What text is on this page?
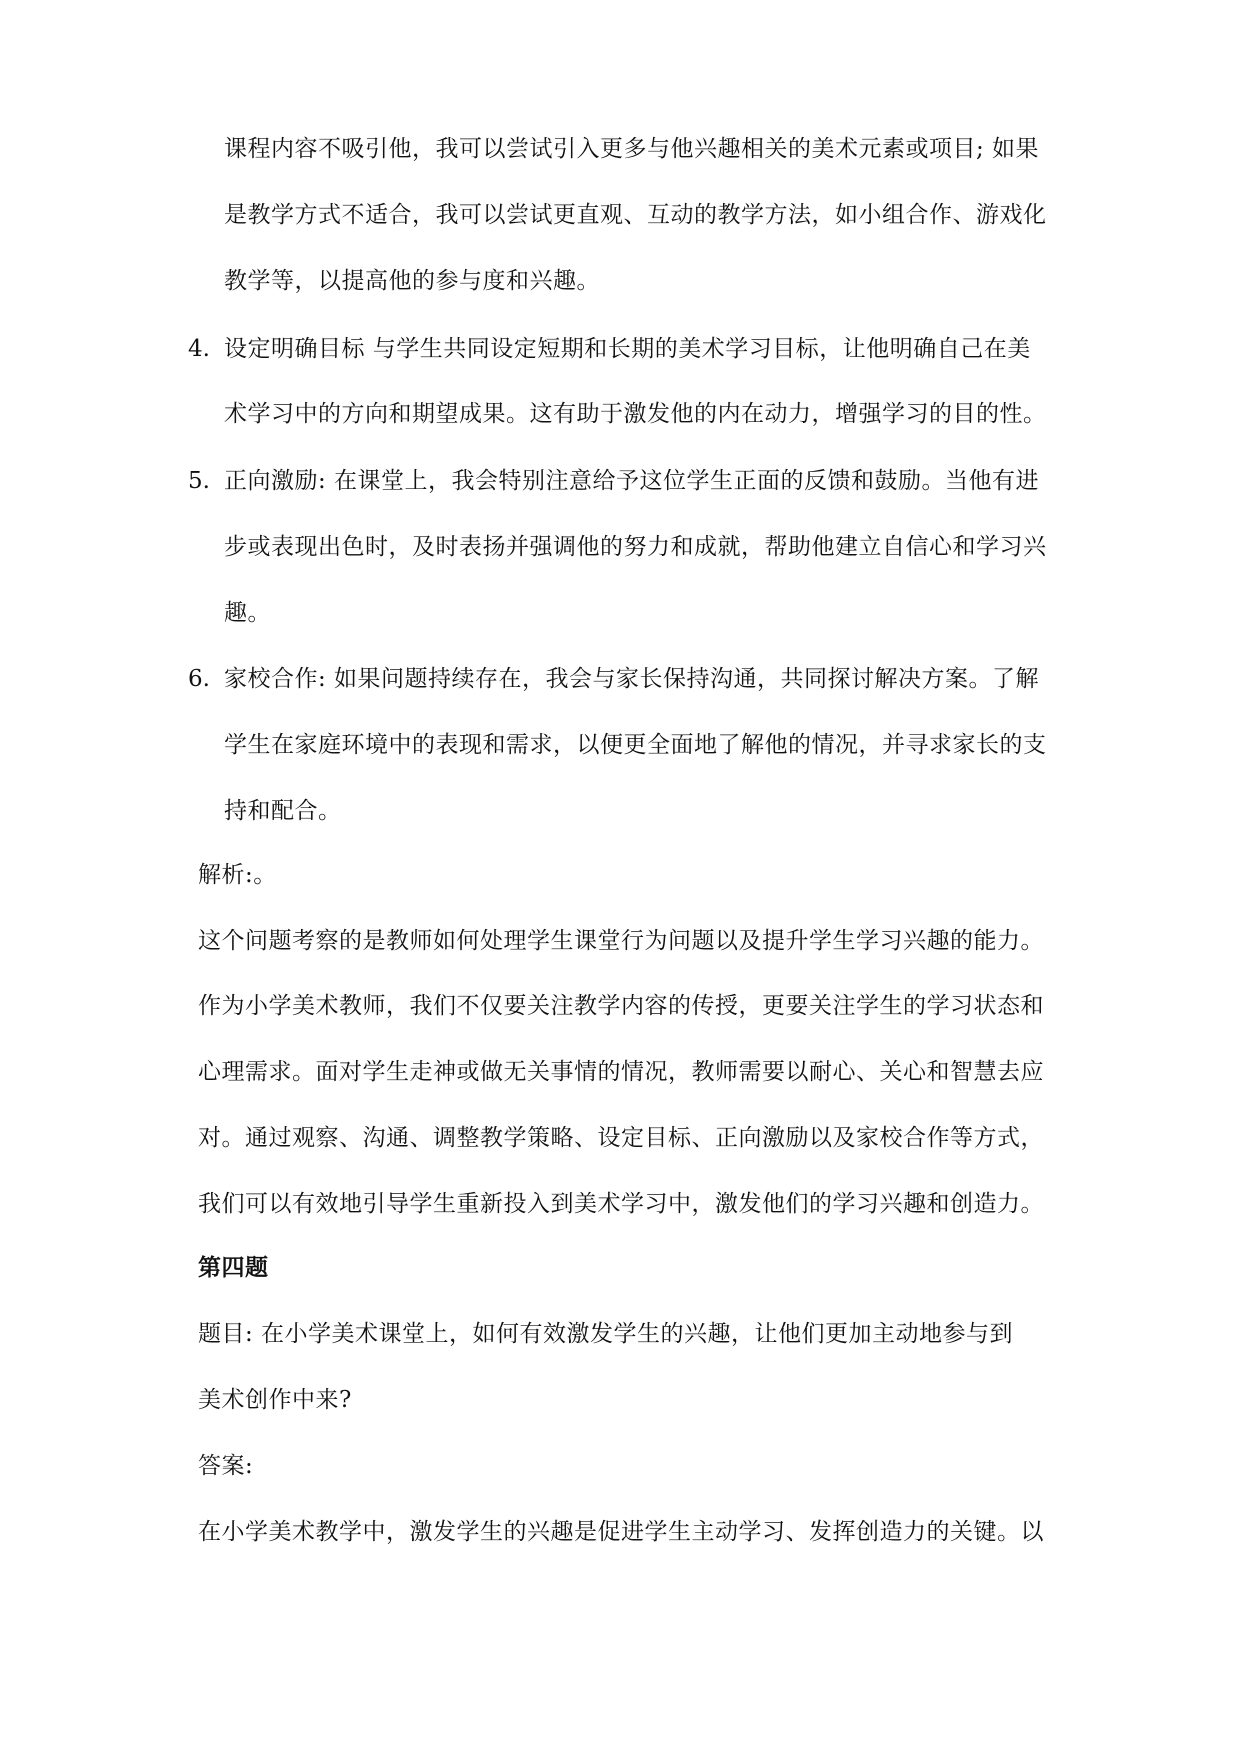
课程内容不吸引他，我可以尝试引入更多与他兴趣相关的美术元素或项目; 如果
是教学方式不适合，我可以尝试更直观、互动的教学方法，如小组合作、游戏化
教学等，以提高他的参与度和兴趣。
4. 设定明确目标 与学生共同设定短期和长期的美术学习目标，让他明确自己在美
术学习中的方向和期望成果。这有助于激发他的内在动力，增强学习的目的性。
5. 正向激励: 在课堂上，我会特别注意给予这位学生正面的反馈和鼓励。当他有进
步或表现出色时，及时表扬并强调他的努力和成就，帮助他建立自信心和学习兴
趣。
6. 家校合作: 如果问题持续存在，我会与家长保持沟通，共同探讨解决方案。了解
学生在家庭环境中的表现和需求，以便更全面地了解他的情况，并寻求家长的支
持和配合。
解析:。
这个问题考察的是教师如何处理学生课堂行为问题以及提升学生学习兴趣的能力。
作为小学美术教师，我们不仅要关注教学内容的传授，更要关注学生的学习状态和
心理需求。面对学生走神或做无关事情的情况，教师需要以耐心、关心和智慧去应
对。通过观察、沟通、调整教学策略、设定目标、正向激励以及家校合作等方式，
我们可以有效地引导学生重新投入到美术学习中，激发他们的学习兴趣和创造力。
第四题
题目: 在小学美术课堂上，如何有效激发学生的兴趣，让他们更加主动地参与到
美术创作中来?
答案:
在小学美术教学中，激发学生的兴趣是促进学生主动学习、发挥创造力的关键。以
